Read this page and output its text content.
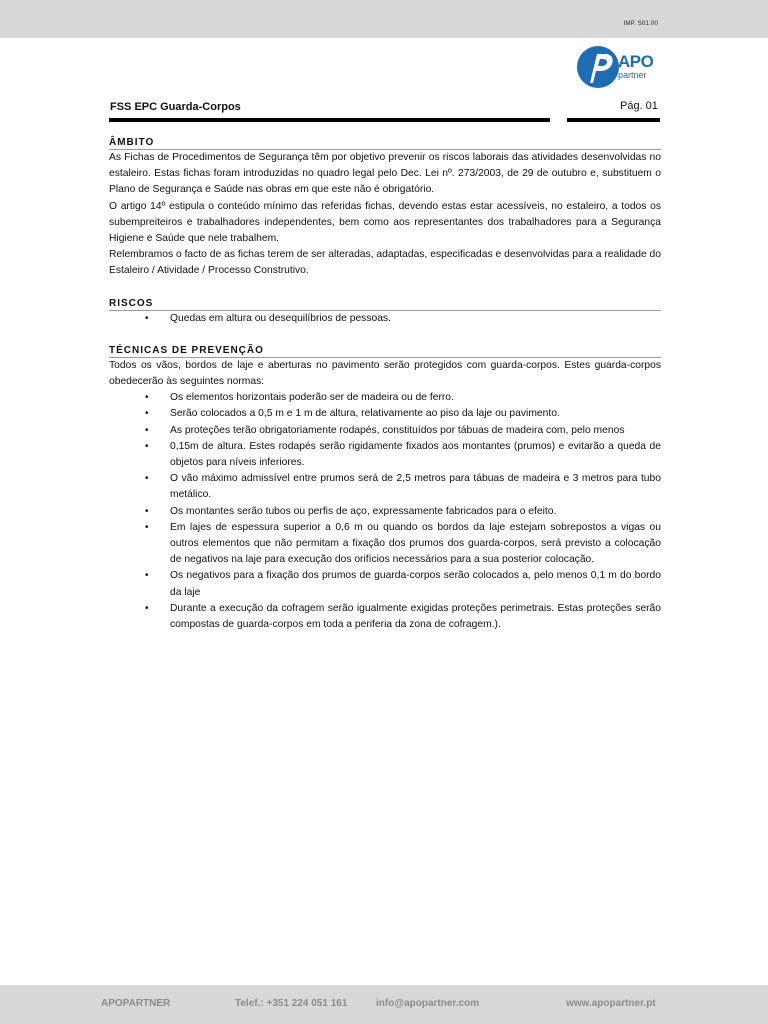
IMP. S01.00
APO
partner
FSS EPC Guarda-Corpos	Pág. 01
ÂMBITO
As Fichas de Procedimentos de Segurança têm por objetivo prevenir os riscos laborais das atividades desenvolvidas no estaleiro. Estas fichas foram introduzidas no quadro legal pelo Dec. Lei nº. 273/2003, de 29 de outubro e, substituem o Plano de Segurança e Saúde nas obras em que este não é obrigatório.
O artigo 14º estipula o conteúdo mínimo das referidas fichas, devendo estas estar acessíveis, no estaleiro, a todos os subempreiteiros e trabalhadores independentes, bem como aos representantes dos trabalhadores para a Segurança Higiene e Saúde que nele trabalhem.
Relembramos o facto de as fichas terem de ser alteradas, adaptadas, especificadas e desenvolvidas para a realidade do Estaleiro / Atividade / Processo Construtivo.
RISCOS
• Quedas em altura ou desequilíbrios de pessoas.
TÉCNICAS DE PREVENÇÃO
Todos os vãos, bordos de laje e aberturas no pavimento serão protegidos com guarda-corpos. Estes guarda-corpos obedecerão às seguintes normas:
• Os elementos horizontais poderão ser de madeira ou de ferro.
• Serão colocados a 0,5 m e 1 m de altura, relativamente ao piso da laje ou pavimento.
• As proteções terão obrigatoriamente rodapés, constituídos por tábuas de madeira com, pelo menos
• 0,15m de altura. Estes rodapés serão rigidamente fixados aos montantes (prumos) e evitarão a queda de objetos para níveis inferiores.
• O vão máximo admissível entre prumos será de 2,5 metros para tábuas de madeira e 3 metros para tubo metálico.
• Os montantes serão tubos ou perfis de aço, expressamente fabricados para o efeito.
• Em lajes de espessura superior a 0,6 m ou quando os bordos da laje estejam sobrepostos a vigas ou outros elementos que não permitam a fixação dos prumos dos guarda-corpos, será previsto a colocação de negativos na laje para execução dos orifícios necessários para a sua posterior colocação.
• Os negativos para a fixação dos prumos de guarda-corpos serão colocados a, pelo menos 0,1 m do bordo da laje
• Durante a execução da cofragem serão igualmente exigidas proteções perimetrais. Estas proteções serão compostas de guarda-corpos em toda a periferia da zona de cofragem.).
APOPARTNER	Telef.: +351 224 051 161	info@apopartner.com	www.apopartner.pt
